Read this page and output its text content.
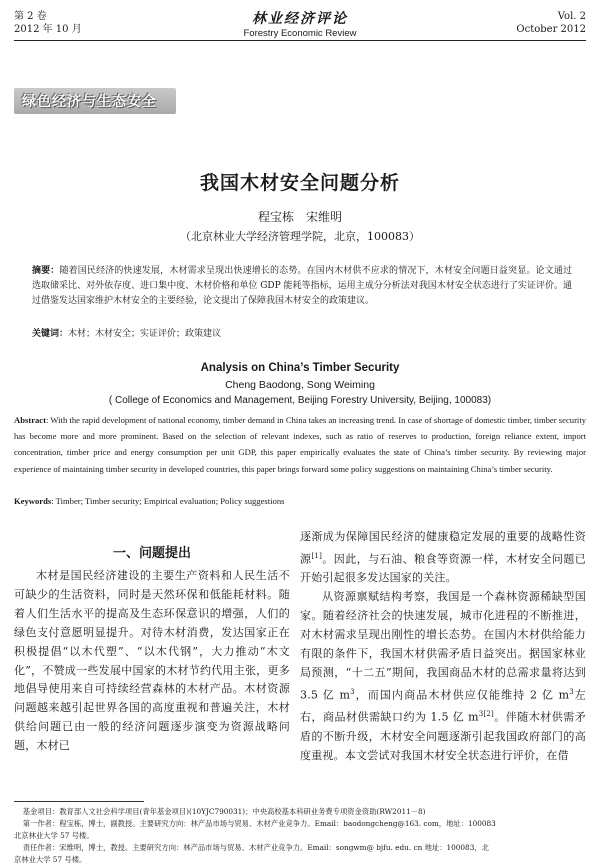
第 2 卷
2012 年 10 月
林业经济评论
Forestry Economic Review
Vol. 2
October 2012
绿色经济与生态安全
我国木材安全问题分析
程宝栋　宋维明
（北京林业大学经济管理学院，北京，100083）
摘要：随着国民经济的快速发展，木材需求呈现出快速增长的态势。在国内木材供不应求的情况下，木材安全问题日益突显。论文通过选取储采比、对外依存度、进口集中度、木材价格和单位 GDP 能耗等指标，运用主成分分析法对我国木材安全状态进行了实证评价。通过借鉴发达国家维护木材安全的主要经验，论文提出了保障我国木材安全的政策建议。
关键词：木材；木材安全；实证评价；政策建议
Analysis on China’s Timber Security
Cheng Baodong, Song Weiming
( College of Economics and Management, Beijing Forestry University, Beijing, 100083)
Abstract: With the rapid development of national economy, timber demand in China takes an increasing trend. In case of shortage of domestic timber, timber security has become more and more prominent. Based on the selection of relevant indexes, such as ratio of reserves to production, foreign reliance extent, import concentration, timber price and energy consumption per unit GDP, this paper empirically evaluates the state of China’s timber security. By reviewing major experience of maintaining timber security in developed countries, this paper brings forward some policy suggestions on maintaining China’s timber security.
Keywords: Timber; Timber security; Empirical evaluation; Policy suggestions
一、问题提出

木材是国民经济建设的主要生产资料和人民生活不可缺少的生活资料，同时是天然环保和低能耗材料。随着人们生活水平的提高及生态环保意识的增强，人们的绿色支付意愿明显提升。对待木材消费，发达国家正在积极提倡“以木代塑”、“以木代钢”，大力推动“木文化”，不赞成一些发展中国家的木材节约代用主张，更多地倡导使用来自可持续经营森林的木材产品。木材资源问题越来越引起世界各国的高度重视和普遍关注，木材供给问题已由一般的经济问题逐步演变为资源战略问题，木材已

逐渐成为保障国民经济的健康稳定发展的重要的战略性资源[1]。因此，与石油、粮食等资源一样，木材安全问题已开始引起很多发达国家的关注。

从资源禀赋结构考察，我国是一个森林资源稀缺型国家。随着经济社会的快速发展，城市化进程的不断推进，对木材需求呈现出刚性的增长态势。在国内木材供给能力有限的条件下，我国木材供需矛盾日益突出。据国家林业局预测，“十二五”期间，我国商品木材的总需求量将达到 3.5 亿 $m^3$，而国内商品木材供应仅能维持 2 亿 $m^3$左右，商品材供需缺口约为 1.5 亿 $m^{3[2]}$。伴随木材供需矛盾的不断升级，木材安全问题逐渐引起我国政府部门的高度重视。本文尝试对我国木材安全状态进行评价，在借

基金项目：教育部人文社会科学项目(青年基金项目)(10YJC790031)；中央高校基本科研业务费专项资金资助(RW2011－8)

第一作者：程宝栋，博士，副教授。主要研究方向：林产品市场与贸易、木材产业竞争力。Email：baodongcheng@163. com，地址：100083

北京林业大学 57 号楼。

责任作者：宋维明，博士，教授。主要研究方向：林产品市场与贸易、木材产业竞争力。Email：songwm@ bjfu. edu. cn 地址：100083，北

京林业大学 57 号楼。
